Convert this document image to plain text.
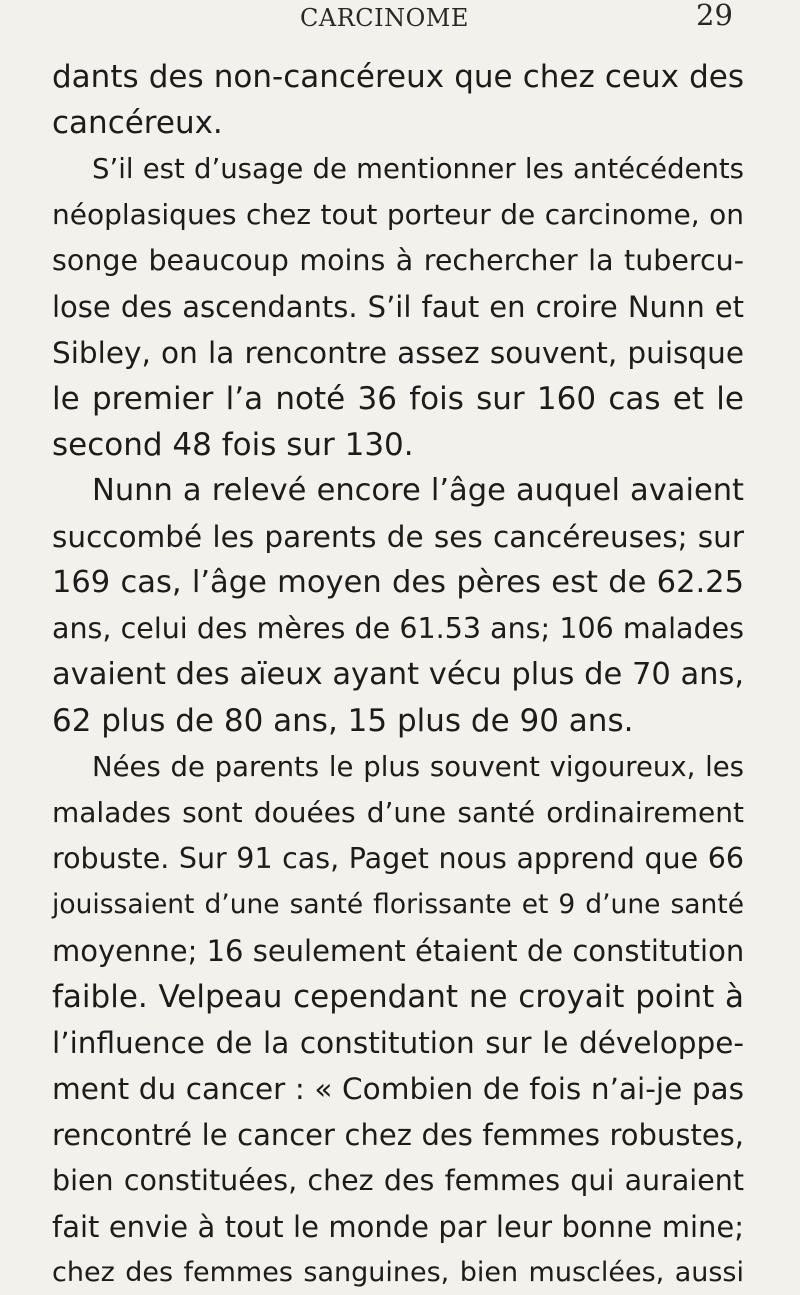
CARCINOME	29
dants des non-cancéreux que chez ceux des
cancéreux.
S’il est d’usage de mentionner les antécédents
néoplasiques chez tout porteur de carcinome, on
songe beaucoup moins à rechercher la tubercu-
lose des ascendants. S’il faut en croire Nunn et
Sibley, on la rencontre assez souvent, puisque
le premier l’a noté 36 fois sur 160 cas et le
second 48 fois sur 130.
Nunn a relevé encore l’âge auquel avaient
succombé les parents de ses cancéreuses; sur
169 cas, l’âge moyen des pères est de 62.25
ans, celui des mères de 61.53 ans; 106 malades
avaient des aïeux ayant vécu plus de 70 ans,
62 plus de 80 ans, 15 plus de 90 ans.
Nées de parents le plus souvent vigoureux, les
malades sont douées d’une santé ordinairement
robuste. Sur 91 cas, Paget nous apprend que 66
jouissaient d’une santé florissante et 9 d’une santé
moyenne; 16 seulement étaient de constitution
faible. Velpeau cependant ne croyait point à
l’influence de la constitution sur le développe-
ment du cancer : « Combien de fois n’ai-je pas
rencontré le cancer chez des femmes robustes,
bien constituées, chez des femmes qui auraient
fait envie à tout le monde par leur bonne mine;
chez des femmes sanguines, bien musclées, aussi
